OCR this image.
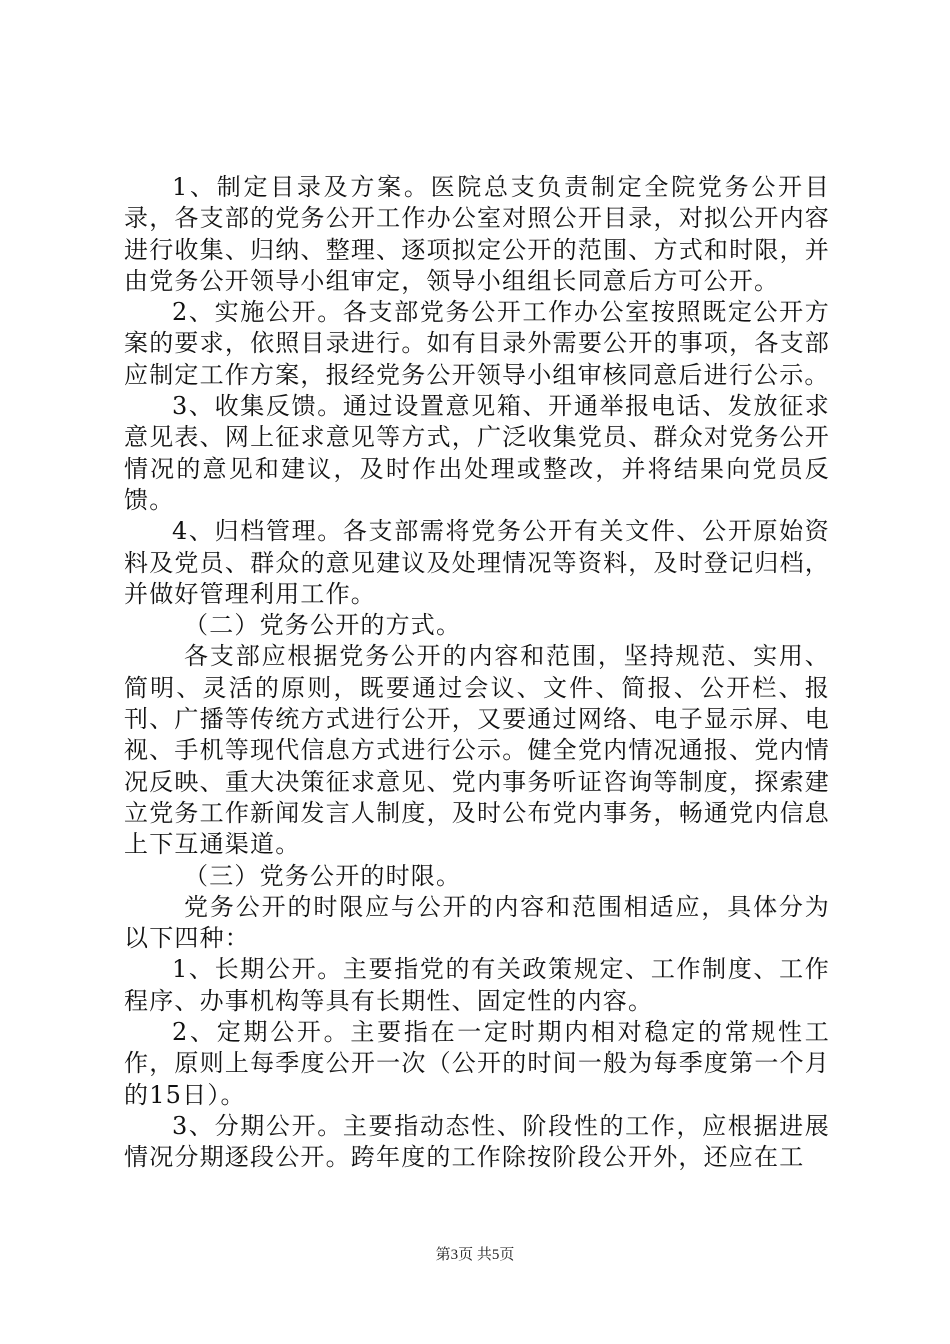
1、制定目录及方案。医院总支负责制定全院党务公开目录，各支部的党务公开工作办公室对照公开目录，对拟公开内容进行收集、归纳、整理、逐项拟定公开的范围、方式和时限，并由党务公开领导小组审定，领导小组组长同意后方可公开。

2、实施公开。各支部党务公开工作办公室按照既定公开方案的要求，依照目录进行。如有目录外需要公开的事项，各支部应制定工作方案，报经党务公开领导小组审核同意后进行公示。

3、收集反馈。通过设置意见箱、开通举报电话、发放征求意见表、网上征求意见等方式，广泛收集党员、群众对党务公开情况的意见和建议，及时作出处理或整改，并将结果向党员反馈。

4、归档管理。各支部需将党务公开有关文件、公开原始资料及党员、群众的意见建议及处理情况等资料，及时登记归档，并做好管理利用工作。

（二）党务公开的方式。

各支部应根据党务公开的内容和范围，坚持规范、实用、简明、灵活的原则，既要通过会议、文件、简报、公开栏、报刊、广播等传统方式进行公开，又要通过网络、电子显示屏、电视、手机等现代信息方式进行公示。健全党内情况通报、党内情况反映、重大决策征求意见、党内事务听证咨询等制度，探索建立党务工作新闻发言人制度，及时公布党内事务，畅通党内信息上下互通渠道。

（三）党务公开的时限。

党务公开的时限应与公开的内容和范围相适应，具体分为以下四种：

1、长期公开。主要指党的有关政策规定、工作制度、工作程序、办事机构等具有长期性、固定性的内容。

2、定期公开。主要指在一定时期内相对稳定的常规性工作，原则上每季度公开一次（公开的时间一般为每季度第一个月的15日）。

3、分期公开。主要指动态性、阶段性的工作，应根据进展情况分期逐段公开。跨年度的工作除按阶段公开外，还应在工

第3页 共5页
